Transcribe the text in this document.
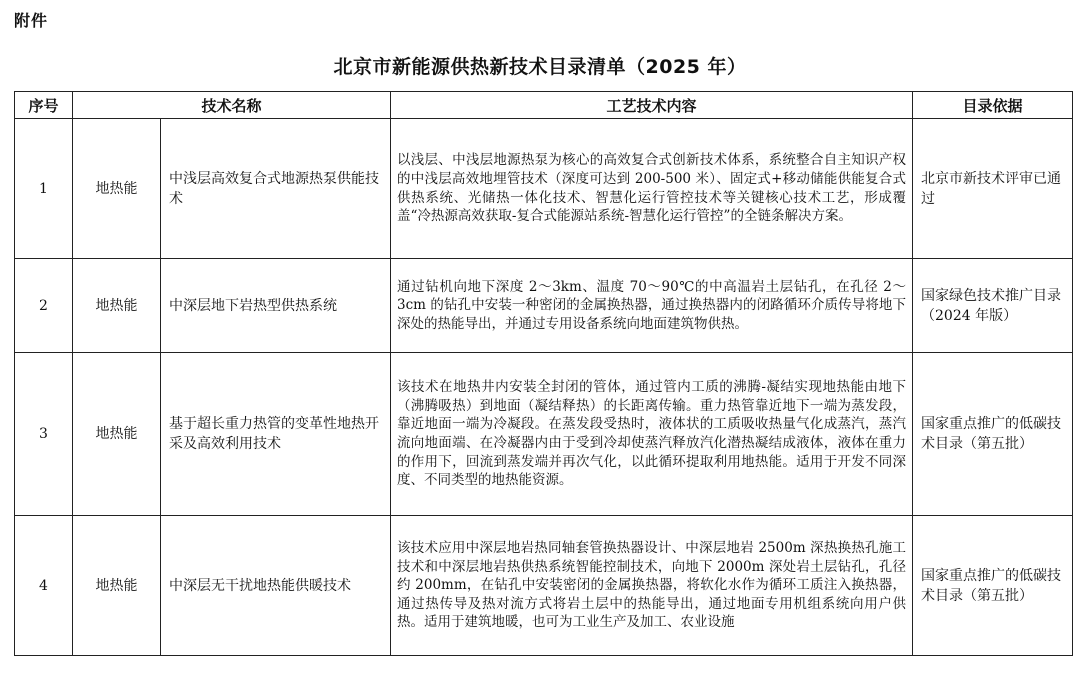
附件
北京市新能源供热新技术目录清单（2025 年）
序号	技术名称		工艺技术内容	目录依据
1	地热能	中浅层高效复合式地源热泵供能技术	以浅层、中浅层地源热泵为核心的高效复合式创新技术体系，系统整合自主知识产权的中浅层高效地埋管技术（深度可达到 200-500 米）、固定式+移动储能供能复合式供热系统、光储热一体化技术、智慧化运行管控技术等关键核心技术工艺，形成覆盖“冷热源高效获取-复合式能源站系统-智慧化运行管控”的全链条解决方案。	北京市新技术评审已通过
2	地热能	中深层地下岩热型供热系统	通过钻机向地下深度 2～3km、温度 70～90℃的中高温岩土层钻孔，在孔径 2～3cm 的钻孔中安装一种密闭的金属换热器，通过换热器内的闭路循环介质传导将地下深处的热能导出，并通过专用设备系统向地面建筑物供热。	国家绿色技术推广目录（2024 年版）
3	地热能	基于超长重力热管的变革性地热开采及高效利用技术	该技术在地热井内安装全封闭的管体，通过管内工质的沸腾-凝结实现地热能由地下（沸腾吸热）到地面（凝结释热）的长距离传输。重力热管靠近地下一端为蒸发段，靠近地面一端为冷凝段。在蒸发段受热时，液体状的工质吸收热量气化成蒸汽，蒸汽流向地面端、在冷凝器内由于受到冷却使蒸汽释放汽化潜热凝结成液体，液体在重力的作用下，回流到蒸发端并再次气化，以此循环提取利用地热能。适用于开发不同深度、不同类型的地热能资源。	国家重点推广的低碳技术目录（第五批）
4	地热能	中深层无干扰地热能供暖技术	该技术应用中深层地岩热同轴套管换热器设计、中深层地岩 2500m 深热换热孔施工技术和中深层地岩热供热系统智能控制技术，向地下 2000m 深处岩土层钻孔，孔径约 200mm，在钻孔中安装密闭的金属换热器，将软化水作为循环工质注入换热器，通过热传导及热对流方式将岩土层中的热能导出，通过地面专用机组系统向用户供热。适用于建筑地暖，也可为工业生产及加工、农业设施	国家重点推广的低碳技术目录（第五批）
